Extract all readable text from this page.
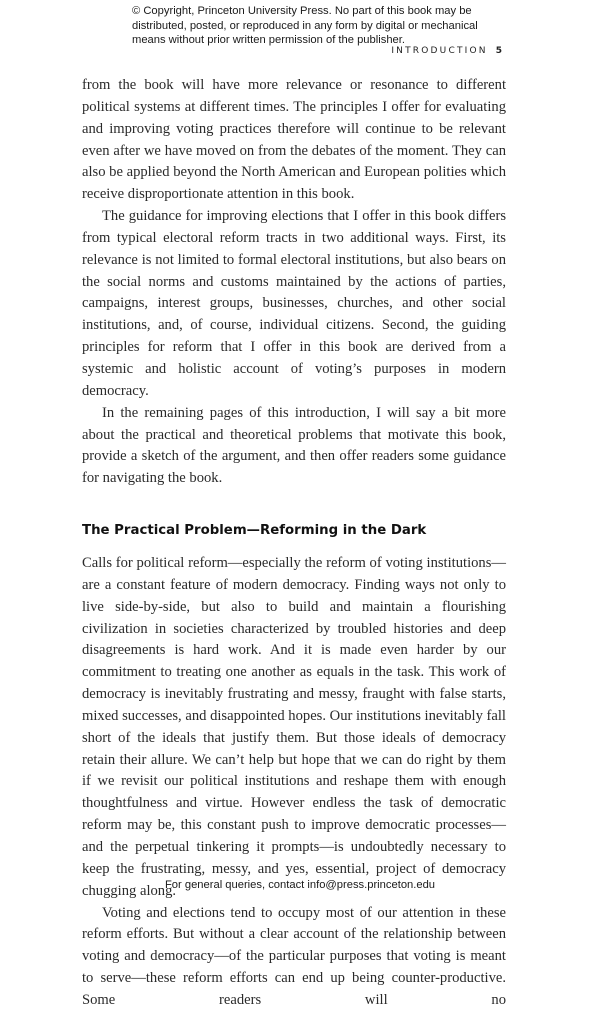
© Copyright, Princeton University Press. No part of this book may be distributed, posted, or reproduced in any form by digital or mechanical means without prior written permission of the publisher.
INTRODUCTION 5

from the book will have more relevance or resonance to different political systems at different times. The principles I offer for evaluating and improving voting practices therefore will continue to be relevant even after we have moved on from the debates of the moment. They can also be applied beyond the North American and European polities which receive disproportionate attention in this book.

The guidance for improving elections that I offer in this book differs from typical electoral reform tracts in two additional ways. First, its relevance is not limited to formal electoral institutions, but also bears on the social norms and customs maintained by the actions of parties, campaigns, interest groups, businesses, churches, and other social institutions, and, of course, individual citizens. Second, the guiding principles for reform that I offer in this book are derived from a systemic and holistic account of voting’s purposes in modern democracy.

In the remaining pages of this introduction, I will say a bit more about the practical and theoretical problems that motivate this book, provide a sketch of the argument, and then offer readers some guidance for navigating the book.

The Practical Problem—Reforming in the Dark

Calls for political reform—especially the reform of voting institutions—are a constant feature of modern democracy. Finding ways not only to live side-by-side, but also to build and maintain a flourishing civilization in societies characterized by troubled histories and deep disagreements is hard work. And it is made even harder by our commitment to treating one another as equals in the task. This work of democracy is inevitably frustrating and messy, fraught with false starts, mixed successes, and disappointed hopes. Our institutions inevitably fall short of the ideals that justify them. But those ideals of democracy retain their allure. We can’t help but hope that we can do right by them if we revisit our political institutions and reshape them with enough thoughtfulness and virtue. However endless the task of democratic reform may be, this constant push to improve democratic processes—and the perpetual tinkering it prompts—is undoubtedly necessary to keep the frustrating, messy, and yes, essential, project of democracy chugging along.

Voting and elections tend to occupy most of our attention in these reform efforts. But without a clear account of the relationship between voting and democracy—of the particular purposes that voting is meant to serve—these reform efforts can end up being counter-productive. Some readers will no

For general queries, contact info@press.princeton.edu
